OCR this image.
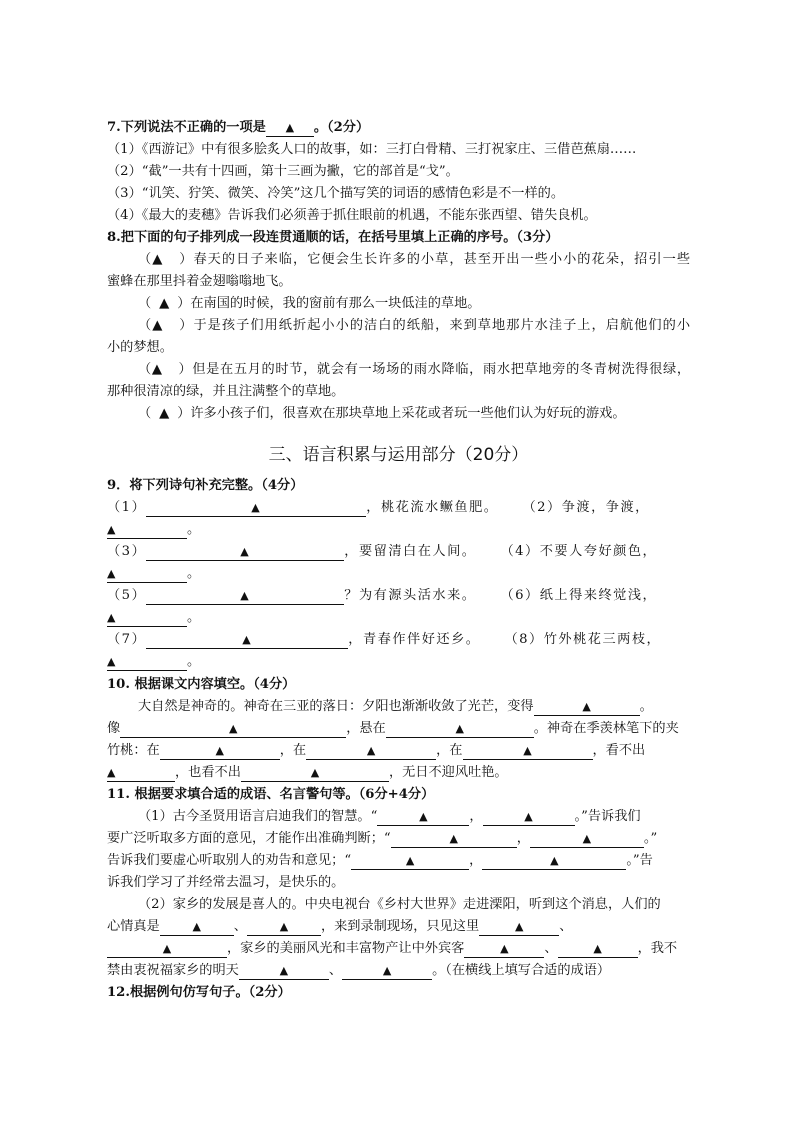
7.下列说法不正确的一项是 ▲ 。（2分）
（1）《西游记》中有很多脍炙人口的故事，如：三打白骨精、三打祝家庄、三借芭蕉扇……
（2）“截”一共有十四画，第十三画为撇，它的部首是“戈”。
（3）“讥笑、狞笑、微笑、冷笑”这几个描写笑的词语的感情色彩是不一样的。
（4）《最大的麦穗》告诉我们必须善于抓住眼前的机遇，不能东张西望、错失良机。
8.把下面的句子排列成一段连贯通顺的话，在括号里填上正确的序号。（3分）
（▲ ）春天的日子来临，它便会生长许多的小草，甚至开出一些小小的花朵，招引一些
蜜蜂在那里抖着金翅嗡嗡地飞。
（ ▲ ）在南国的时候，我的窗前有那么一块低洼的草地。
（▲ ）于是孩子们用纸折起小小的洁白的纸船，来到草地那片水洼子上，启航他们的小
小的梦想。
（▲ ）但是在五月的时节，就会有一场场的雨水降临，雨水把草地旁的冬青树洗得很绿，
那种很清凉的绿，并且注满整个的草地。
（ ▲ ）许多小孩子们，很喜欢在那块草地上采花或者玩一些他们认为好玩的游戏。
三、语言积累与运用部分（20分）
9．将下列诗句补充完整。（4分）
（1）	▲	，桃花流水鳜鱼肥。 （2）争渡，争渡，
▲	。
（3）	▲	，要留清白在人间。 （4）不要人夸好颜色，
▲	。
（5）	▲	？为有源头活水来。 （6）纸上得来终觉浅，
▲	。
（7）	▲	，青春作伴好还乡。 （8）竹外桃花三两枝，
▲	。
10. 根据课文内容填空。（4分）
大自然是神奇的。神奇在三亚的落日：夕阳也渐渐收敛了光芒，变得	▲	。
像	▲	，悬在	▲	。神奇在季羡林笔下的夹
竹桃：在	▲	，在	▲	，在	▲	，看不出
▲	，也看不出	▲	，无日不迎风吐艳。
11. 根据要求填合适的成语、名言警句等。（6分+4分）
（1）古今圣贤用语言启迪我们的智慧。“	▲	，	▲	。”告诉我们
要广泛听取多方面的意见，才能作出准确判断；“	▲	，	▲	。”
告诉我们要虚心听取别人的劝告和意见；“	▲	，	▲	。”告
诉我们学习了并经常去温习，是快乐的。
（2）家乡的发展是喜人的。中央电视台《乡村大世界》走进溧阳，听到这个消息，人们的
心情真是	▲ 、	▲ ，来到录制现场，只见这里	▲	、
▲	，家乡的美丽风光和丰富物产让中外宾客	▲	、	▲	，我不
禁由衷祝福家乡的明天	▲	、	▲	。（在横线上填写合适的成语）
12.根据例句仿写句子。（2分）
